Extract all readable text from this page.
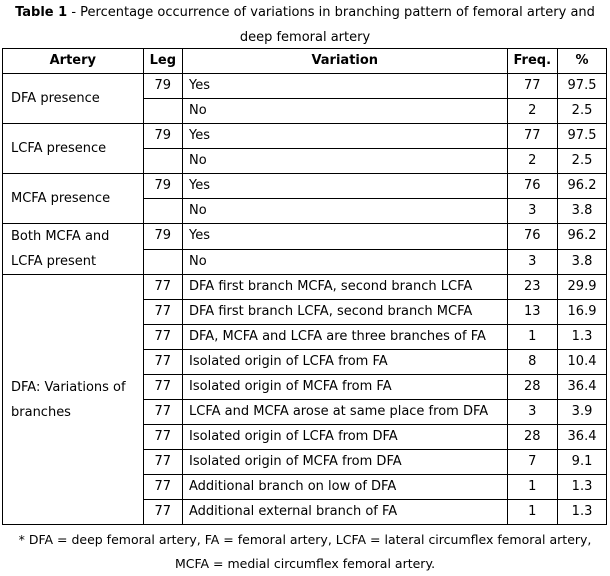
Table 1 - Percentage occurrence of variations in branching pattern of femoral artery and deep femoral artery
Artery	Leg	Variation	Freq.	%
DFA presence	79	Yes	77	97.5
		No	2	2.5
LCFA presence	79	Yes	77	97.5
		No	2	2.5
MCFA presence	79	Yes	76	96.2
		No	3	3.8
Both MCFA and LCFA present	79	Yes	76	96.2
		No	3	3.8
DFA: Variations of branches	77	DFA first branch MCFA, second branch LCFA	23	29.9
	77	DFA first branch LCFA, second branch MCFA	13	16.9
	77	DFA, MCFA and LCFA are three branches of FA	1	1.3
	77	Isolated origin of LCFA from FA	8	10.4
	77	Isolated origin of MCFA from FA	28	36.4
	77	LCFA and MCFA arose at same place from DFA	3	3.9
	77	Isolated origin of LCFA from DFA	28	36.4
	77	Isolated origin of MCFA from DFA	7	9.1
	77	Additional branch on low of DFA	1	1.3
	77	Additional external branch of FA	1	1.3
* DFA = deep femoral artery, FA = femoral artery, LCFA = lateral circumflex femoral artery, MCFA = medial circumflex femoral artery.
